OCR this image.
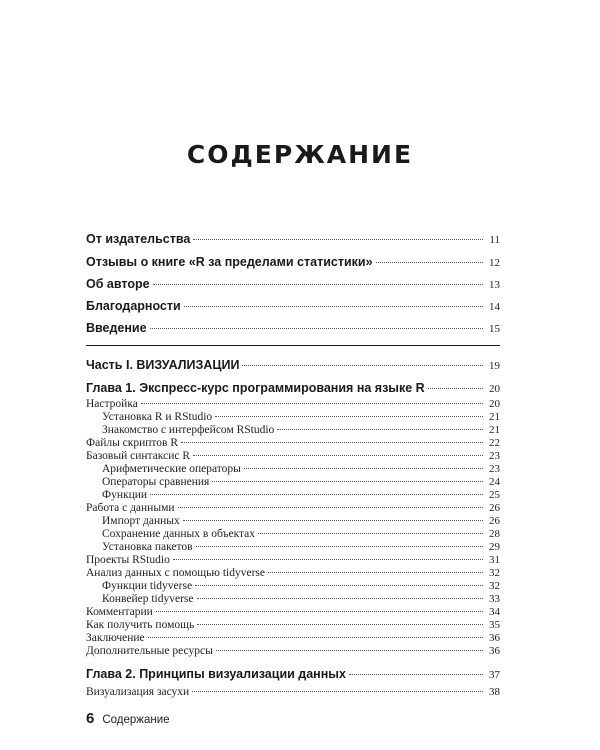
СОДЕРЖАНИЕ
От издательства	11
Отзывы о книге «R за пределами статистики»	12
Об авторе	13
Благодарности	14
Введение	15
Часть I. ВИЗУАЛИЗАЦИИ	19
Глава 1. Экспресс-курс программирования на языке R	20
Настройка	20
Установка R и RStudio	21
Знакомство с интерфейсом RStudio	21
Файлы скриптов R	22
Базовый синтаксис R	23
Арифметические операторы	23
Операторы сравнения	24
Функции	25
Работа с данными	26
Импорт данных	26
Сохранение данных в объектах	28
Установка пакетов	29
Проекты RStudio	31
Анализ данных с помощью tidyverse	32
Функции tidyverse	32
Конвейер tidyverse	33
Комментарии	34
Как получить помощь	35
Заключение	36
Дополнительные ресурсы	36
Глава 2. Принципы визуализации данных	37
Визуализация засухи	38
6 Содержание
